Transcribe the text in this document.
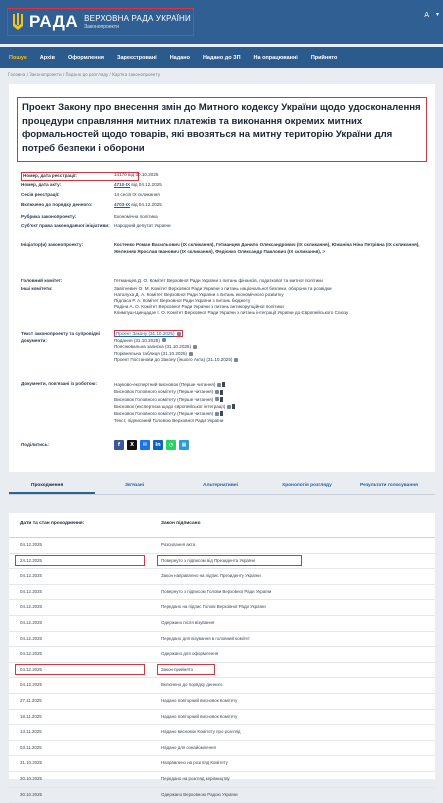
РАДА ВЕРХОВНА РАДА УКРАЇНИ
Законопроекти
A ▾
Пошук Архів Оформлення Зареєстровані Надано Надано до ЗП На опрацюванні Прийнято
Головна / Законопроекти / Подано до розгляду / Картка законопроекту
Проект Закону про внесення змін до Митного кодексу України щодо удосконалення процедури справляння митних платежів та виконання окремих митних формальностей щодо товарів, які ввозяться на митну територію України для потреб безпеки і оборони
Номер, дата реєстрації:	14170 від 30.10.2025
Номер, дата акту:	4710-IX від 04.12.2025
Сесія реєстрації:	14 сесія IX скликання
Включено до порядку денного:	4703-IX від 04.12.2025
Рубрика законопроекту:	Економічна політика
Суб'єкт права законодавчої ініціативи: Народний депутат України
Ініціатор(и) законопроекту:	Костенко Роман Васильович (IX скликання), Гетманцев Данило Олександрович (IX скликання), Южаніна Ніна Петрівна (IX скликання), Железняк Ярослав Іванович (IX скликання), Федієнко Олександр Павлович (IX скликання), >
Головний комітет:	Гетманцев Д. О. Комітет Верховної Ради України з питань фінансів, податкової та митної політики
Інші комітети:	Завітневич О. М. Комітет Верховної Ради України з питань національної безпеки, оборони та розвідки
Наталуха Д. А. Комітет Верховної Ради України з питань економічного розвитку
Підласа Р. А. Комітет Верховної Ради України з питань бюджету
Радіна А. О. Комітет Верховної Ради України з питань антикорупційної політики
Климпуш-Цинцадзе І. О. Комітет Верховної Ради України з питань інтеграції України до Європейського Союзу
Текст законопроекту та супровідні документи:
Проект Закону (31.10.2025)
Подання (31.10.2025)
Пояснювальна записка (31.10.2025)
Порівняльна таблиця (31.10.2025)
Проект Постанови до Закону (іншого Акта) (31.10.2025)
Документи, пов'язані із роботою:	Науково-експертний висновок (Перше читання)
Висновок Головного комітету (Перше читання)
Висновок Головного комітету (Перше читання)
Висновок (експертиза щодо європейської інтеграції)
Висновок Головного комітету (Перше читання)
Текст, підписаний Головою Верховної Ради України
Поділитись:	f	X	✉	in	◔	▦
Проходження	Зв'язані	Альтернативні	Хронологія розгляду	Результати голосування
Дати та стан проходження:	Закон підписано
04.12.2025	Розсилання акта
24.12.2025	Повернуто з підписом від Президента України
04.12.2025	Закон направлено на підпис Президенту України
04.12.2025	Повернуто з підписом Голови Верховної Ради України
04.12.2025	Передано на підпис Голові Верховної Ради України
04.12.2025	Одержано після візування
04.12.2025	Передано для візування в головний комітет
04.12.2025	Одержано для оформлення
04.12.2025	Закон прийнято
04.12.2025	Включено до порядку денного
27.11.2025	Надано повторний висновок Комітету
18.11.2025	Надано повторний висновок Комітету
13.11.2025	Надано висновок Комітету про розгляд
03.11.2025	Надано для ознайомлення
31.10.2025	Направлено на розгляд Комітету
30.10.2025	Передано на розгляд керівництву
30.10.2025	Одержано Верховною Радою України
